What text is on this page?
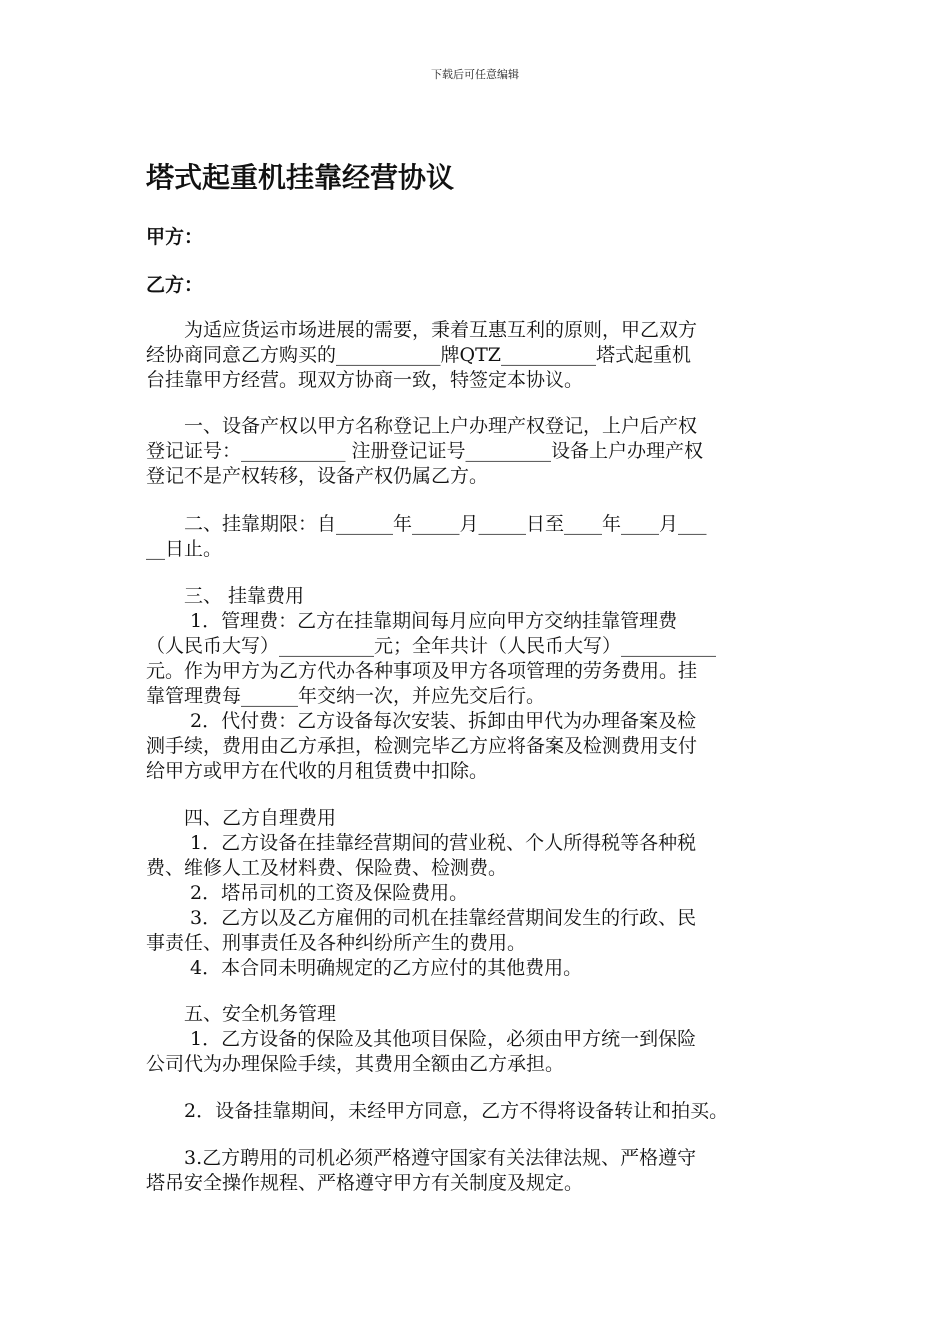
下载后可任意编辑
塔式起重机挂靠经营协议
甲方：
乙方：
　　为适应货运市场进展的需要，秉着互惠互利的原则，甲乙双方
经协商同意乙方购买的___________牌QTZ__________塔式起重机
台挂靠甲方经营。现双方协商一致，特签定本协议。
　　一、设备产权以甲方名称登记上户办理产权登记，上户后产权
登记证号：___________ 注册登记证号_________设备上户办理产权
登记不是产权转移，设备产权仍属乙方。
　　二、挂靠期限：自______年_____月_____日至____年____月___
__日止。
　　三、 挂靠费用
　　 1．管理费：乙方在挂靠期间每月应向甲方交纳挂靠管理费
（人民币大写）__________元；全年共计（人民币大写）__________
元。作为甲方为乙方代办各种事项及甲方各项管理的劳务费用。挂
靠管理费每______年交纳一次，并应先交后行。
　　 2．代付费：乙方设备每次安装、拆卸由甲代为办理备案及检
测手续，费用由乙方承担，检测完毕乙方应将备案及检测费用支付
给甲方或甲方在代收的月租赁费中扣除。
　　四、乙方自理费用
　　 1．乙方设备在挂靠经营期间的营业税、个人所得税等各种税
费、维修人工及材料费、保险费、检测费。
　　 2．塔吊司机的工资及保险费用。
　　 3．乙方以及乙方雇佣的司机在挂靠经营期间发生的行政、民
事责任、刑事责任及各种纠纷所产生的费用。
　　 4．本合同未明确规定的乙方应付的其他费用。
　　五、安全机务管理
　　 1．乙方设备的保险及其他项目保险，必须由甲方统一到保险
公司代为办理保险手续，其费用全额由乙方承担。
　　2．设备挂靠期间，未经甲方同意，乙方不得将设备转让和拍买。
　　3.乙方聘用的司机必须严格遵守国家有关法律法规、严格遵守
塔吊安全操作规程、严格遵守甲方有关制度及规定。
